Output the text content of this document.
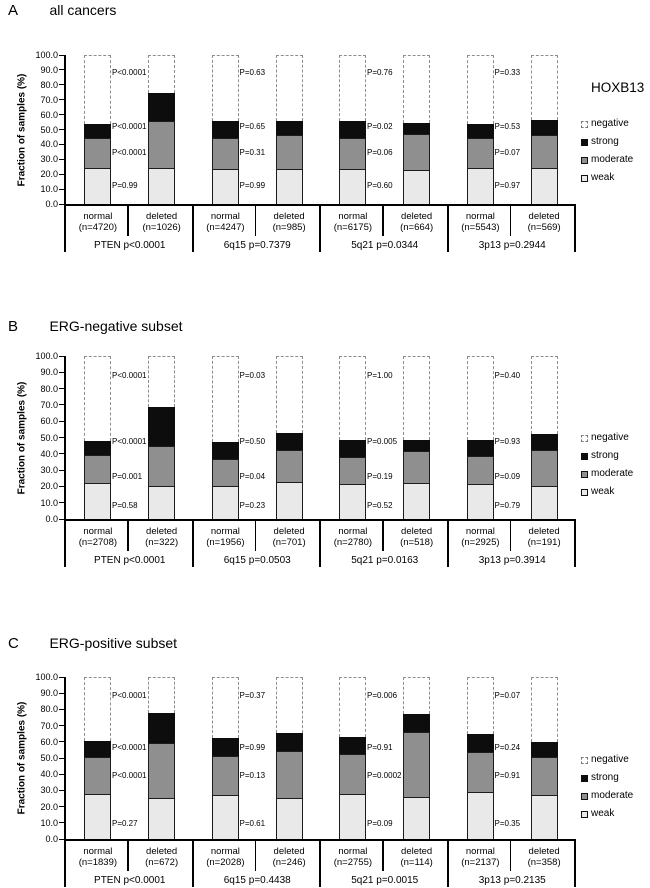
A all cancers
Fraction of samples (%)
100.0
90.0
80.0
70.0
60.0
50.0
40.0
30.0
20.0
10.0
0.0
P<0.0001
P<0.0001
P<0.0001
P=0.99
P=0.63
P=0.65
P=0.31
P=0.99
P=0.76
P=0.02
P=0.06
P=0.60
P=0.33
P=0.53
P=0.07
P=0.97
normal
(n=4720)
deleted
(n=1026)
PTEN p<0.0001
normal
(n=4247)
deleted
(n=985)
6q15 p=0.7379
normal
(n=6175)
deleted
(n=664)
5q21 p=0.0344
normal
(n=5543)
deleted
(n=569)
3p13 p=0.2944
HOXB13
negative
strong
moderate
weak
B ERG-negative subset
Fraction of samples (%)
100.0
90.0
80.0
70.0
60.0
50.0
40.0
30.0
20.0
10.0
0.0
P<0.0001
P<0.0001
P=0.001
P=0.58
P=0.03
P=0.50
P=0.04
P=0.23
P=1.00
P=0.005
P=0.19
P=0.52
P=0.40
P=0.93
P=0.09
P=0.79
normal
(n=2708)
deleted
(n=322)
PTEN p<0.0001
normal
(n=1956)
deleted
(n=701)
6q15 p=0.0503
normal
(n=2780)
deleted
(n=518)
5q21 p=0.0163
normal
(n=2925)
deleted
(n=191)
3p13 p=0.3914
negative
strong
moderate
weak
C ERG-positive subset
Fraction of samples (%)
100.0
90.0
80.0
70.0
60.0
50.0
40.0
30.0
20.0
10.0
0.0
P<0.0001
P<0.0001
P<0.0001
P=0.27
P=0.37
P=0.99
P=0.13
P=0.61
P=0.006
P=0.91
P=0.0002
P=0.09
P=0.07
P=0.24
P=0.91
P=0.35
normal
(n=1839)
deleted
(n=672)
PTEN p<0.0001
normal
(n=2028)
deleted
(n=246)
6q15 p=0.4438
normal
(n=2755)
deleted
(n=114)
5q21 p=0.0015
normal
(n=2137)
deleted
(n=358)
3p13 p=0.2135
negative
strong
moderate
weak
